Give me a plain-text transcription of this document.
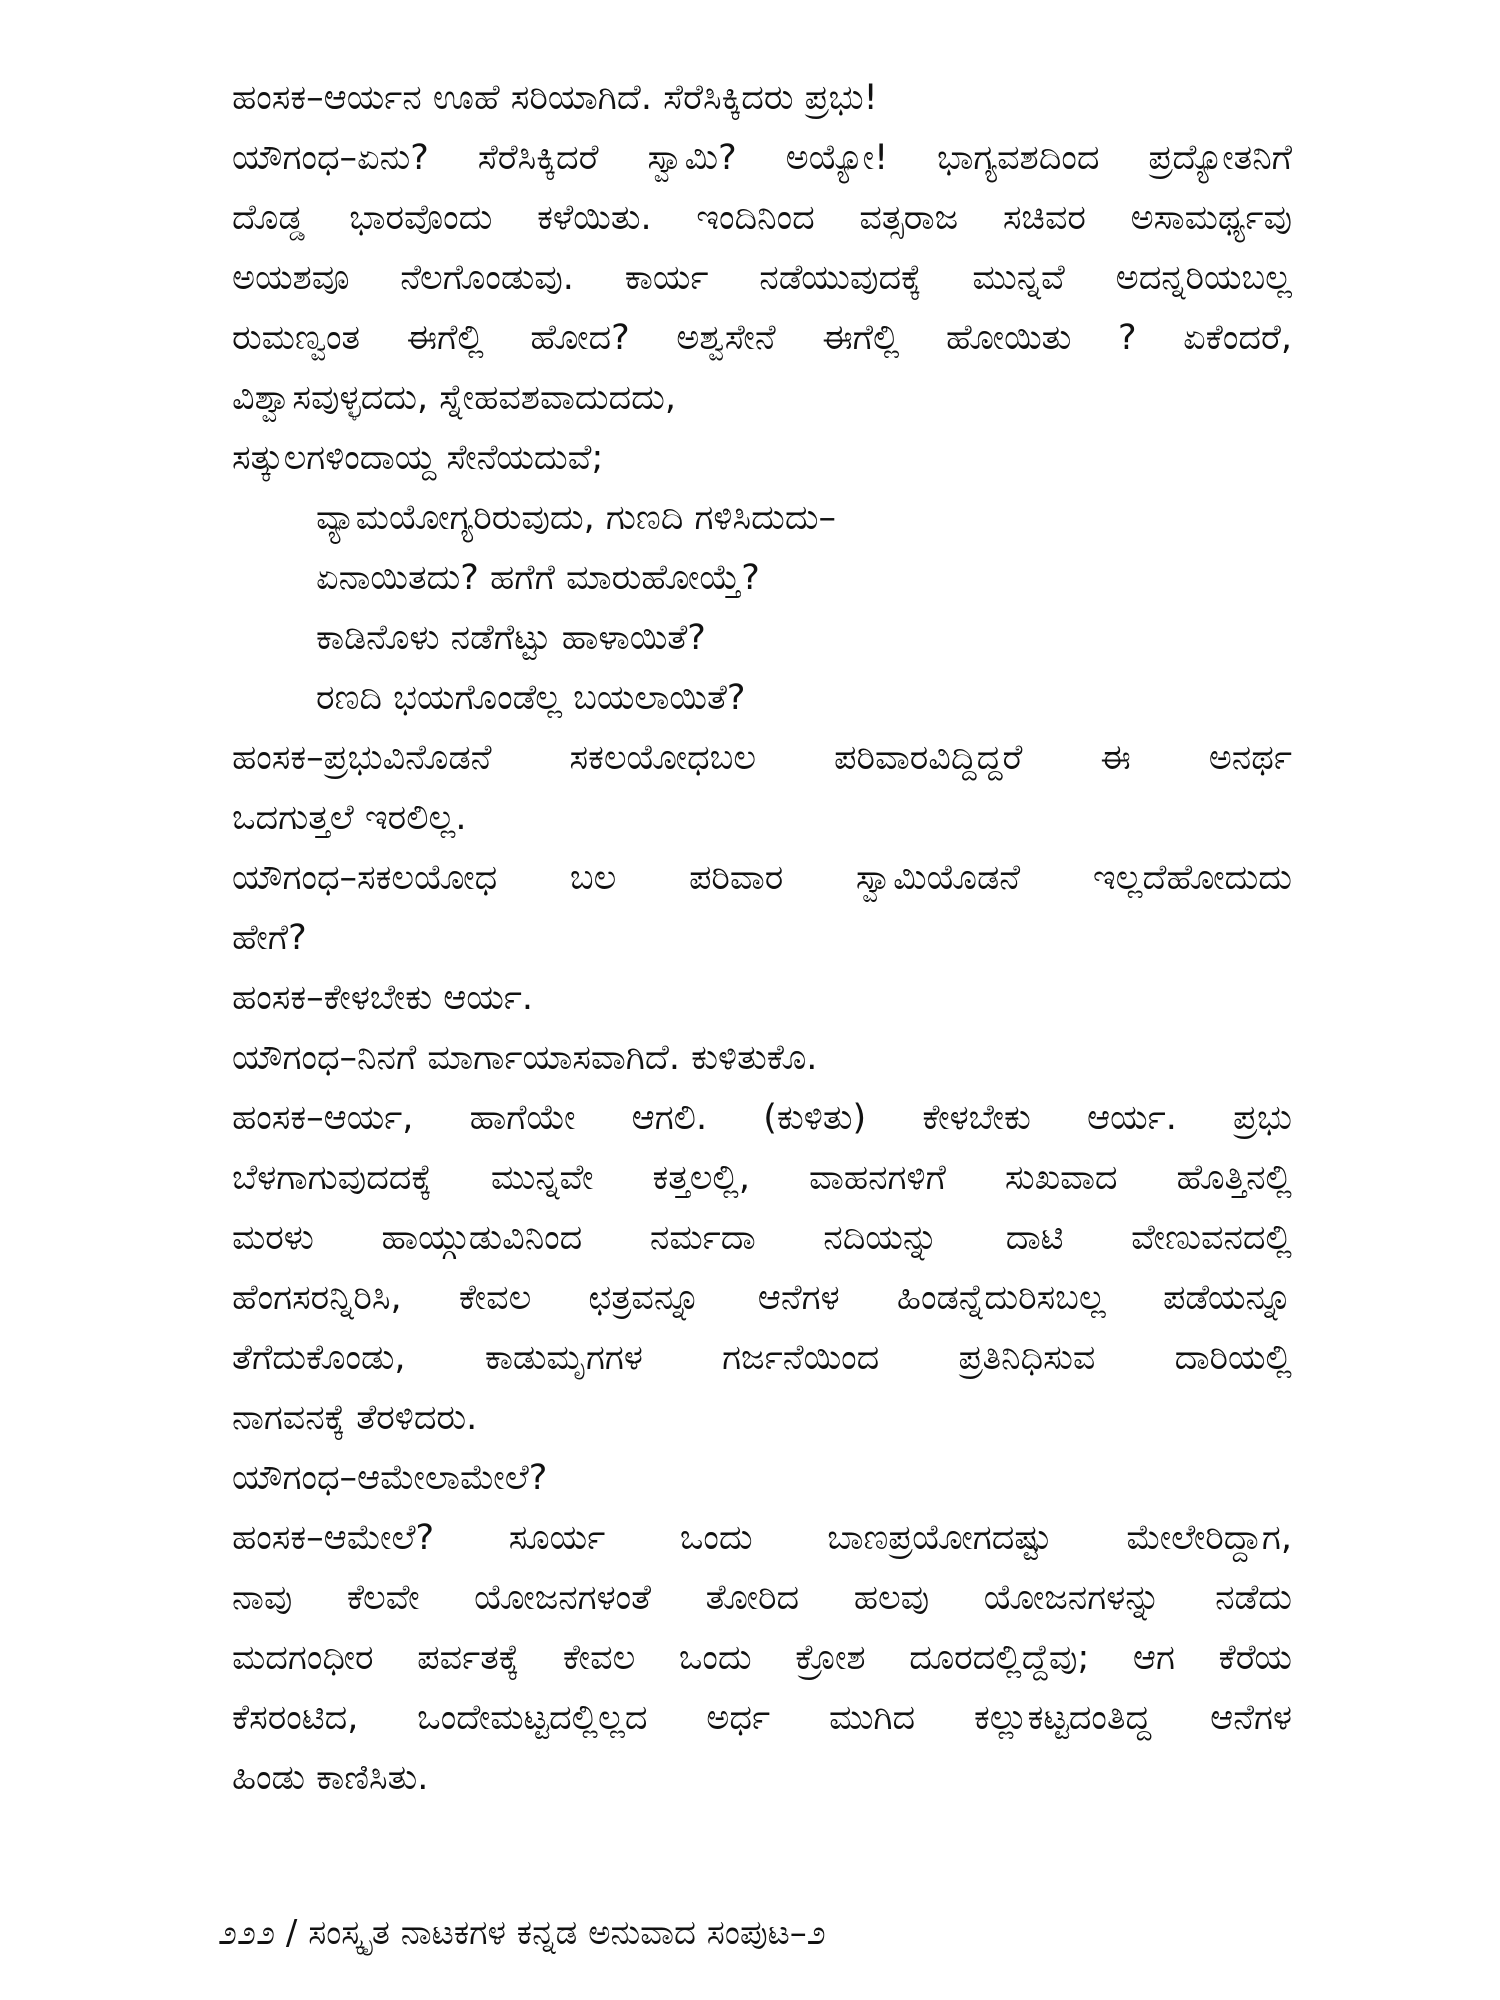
ಹಂಸಕ–ಆರ್ಯನ ಊಹೆ ಸರಿಯಾಗಿದೆ. ಸೆರೆಸಿಕ್ಕಿದರು ಪ್ರಭು!
ಯೌಗಂಧ–ಏನು? ಸೆರೆಸಿಕ್ಕಿದರೆ ಸ್ವಾಮಿ? ಅಯ್ಯೋ! ಭಾಗ್ಯವಶದಿಂದ ಪ್ರದ್ಯೋತನಿಗೆ
ದೊಡ್ಡ ಭಾರವೊಂದು ಕಳೆಯಿತು. ಇಂದಿನಿಂದ ವತ್ಸರಾಜ ಸಚಿವರ ಅಸಾಮರ್ಥ್ಯವು
ಅಯಶವೂ ನೆಲಗೊಂಡುವು. ಕಾರ್ಯ ನಡೆಯುವುದಕ್ಕೆ ಮುನ್ನವೆ ಅದನ್ನರಿಯಬಲ್ಲ
ರುಮಣ್ವಂತ ಈಗೆಲ್ಲಿ ಹೋದ? ಅಶ್ವಸೇನೆ ಈಗೆಲ್ಲಿ ಹೋಯಿತು ? ಏಕೆಂದರೆ,
ವಿಶ್ವಾಸವುಳ್ಳದದು, ಸ್ನೇಹವಶವಾದುದದು,
ಸತ್ಕುಲಗಳಿಂದಾಯ್ದ ಸೇನೆಯದುವೆ;
ವ್ಯಾಮಯೋಗ್ಯರಿರುವುದು, ಗುಣದಿ ಗಳಿಸಿದುದು–
ಏನಾಯಿತದು? ಹಗೆಗೆ ಮಾರುಹೋಯ್ತೆ?
ಕಾಡಿನೊಳು ನಡೆಗೆಟ್ಟು ಹಾಳಾಯಿತೆ?
ರಣದಿ ಭಯಗೊಂಡೆಲ್ಲ ಬಯಲಾಯಿತೆ?
ಹಂಸಕ–ಪ್ರಭುವಿನೊಡನೆ ಸಕಲಯೋಧಬಲ ಪರಿವಾರವಿದ್ದಿದ್ದರೆ ಈ ಅನರ್ಥ
ಒದಗುತ್ತಲೆ ಇರಲಿಲ್ಲ.
ಯೌಗಂಧ–ಸಕಲಯೋಧ ಬಲ ಪರಿವಾರ ಸ್ವಾಮಿಯೊಡನೆ ಇಲ್ಲದೆಹೋದುದು
ಹೇಗೆ?
ಹಂಸಕ–ಕೇಳಬೇಕು ಆರ್ಯ.
ಯೌಗಂಧ–ನಿನಗೆ ಮಾರ್ಗಾಯಾಸವಾಗಿದೆ. ಕುಳಿತುಕೊ.
ಹಂಸಕ–ಆರ್ಯ, ಹಾಗೆಯೇ ಆಗಲಿ. (ಕುಳಿತು) ಕೇಳಬೇಕು ಆರ್ಯ. ಪ್ರಭು
ಬೆಳಗಾಗುವುದದಕ್ಕೆ ಮುನ್ನವೇ ಕತ್ತಲಲ್ಲಿ, ವಾಹನಗಳಿಗೆ ಸುಖವಾದ ಹೊತ್ತಿನಲ್ಲಿ
ಮರಳು ಹಾಯ್ಗುಡುವಿನಿಂದ ನರ್ಮದಾ ನದಿಯನ್ನು ದಾಟಿ ವೇಣುವನದಲ್ಲಿ
ಹೆಂಗಸರನ್ನಿರಿಸಿ, ಕೇವಲ ಛತ್ರವನ್ನೂ ಆನೆಗಳ ಹಿಂಡನ್ನೆದುರಿಸಬಲ್ಲ ಪಡೆಯನ್ನೂ
ತೆಗೆದುಕೊಂಡು, ಕಾಡುಮೃಗಗಳ ಗರ್ಜನೆಯಿಂದ ಪ್ರತಿನಿಧಿಸುವ ದಾರಿಯಲ್ಲಿ
ನಾಗವನಕ್ಕೆ ತೆರಳಿದರು.
ಯೌಗಂಧ–ಆಮೇಲಾಮೇಲೆ?
ಹಂಸಕ–ಆಮೇಲೆ? ಸೂರ್ಯ ಒಂದು ಬಾಣಪ್ರಯೋಗದಷ್ಟು ಮೇಲೇರಿದ್ದಾಗ,
ನಾವು ಕೆಲವೇ ಯೋಜನಗಳಂತೆ ತೋರಿದ ಹಲವು ಯೋಜನಗಳನ್ನು ನಡೆದು
ಮದಗಂಧೀರ ಪರ್ವತಕ್ಕೆ ಕೇವಲ ಒಂದು ಕ್ರೋಶ ದೂರದಲ್ಲಿದ್ದೆವು; ಆಗ ಕೆರೆಯ
ಕೆಸರಂಟಿದ, ಒಂದೇಮಟ್ಟದಲ್ಲಿಲ್ಲದ ಅರ್ಧ ಮುಗಿದ ಕಲ್ಲುಕಟ್ಟದಂತಿದ್ದ ಆನೆಗಳ
ಹಿಂಡು ಕಾಣಿಸಿತು.
೨೨೨ / ಸಂಸ್ಕೃತ ನಾಟಕಗಳ ಕನ್ನಡ ಅನುವಾದ ಸಂಪುಟ–೨
